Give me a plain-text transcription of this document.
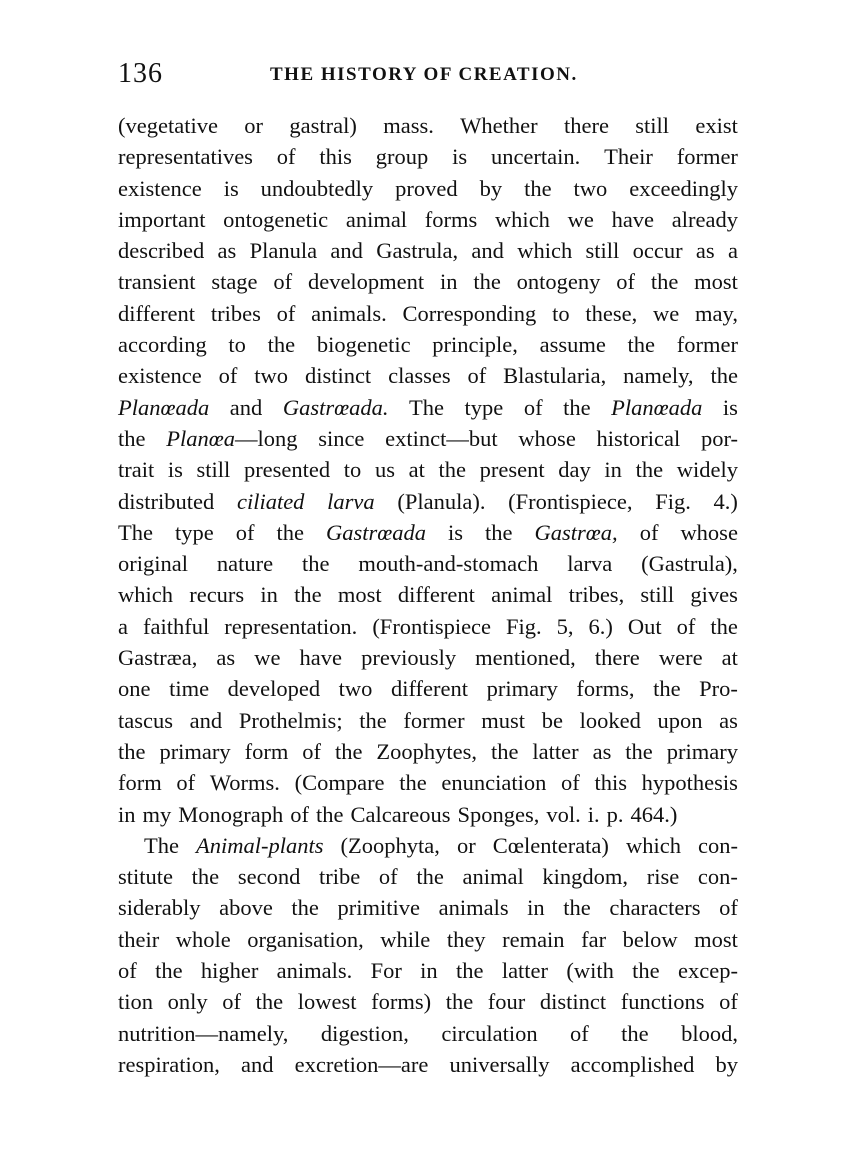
136	THE HISTORY OF CREATION.
(vegetative or gastral) mass. Whether there still exist
representatives of this group is uncertain. Their former
existence is undoubtedly proved by the two exceedingly
important ontogenetic animal forms which we have already
described as Planula and Gastrula, and which still occur as a
transient stage of development in the ontogeny of the most
different tribes of animals. Corresponding to these, we may,
according to the biogenetic principle, assume the former
existence of two distinct classes of Blastularia, namely, the
Planœada and Gastrœada. The type of the Planœada is
the Planœa—long since extinct—but whose historical por-
trait is still presented to us at the present day in the widely
distributed ciliated larva (Planula). (Frontispiece, Fig. 4.)
The type of the Gastrœada is the Gastrœa, of whose
original nature the mouth-and-stomach larva (Gastrula),
which recurs in the most different animal tribes, still gives
a faithful representation. (Frontispiece Fig. 5, 6.) Out of the
Gastræa, as we have previously mentioned, there were at
one time developed two different primary forms, the Pro-
tascus and Prothelmis; the former must be looked upon as
the primary form of the Zoophytes, the latter as the primary
form of Worms. (Compare the enunciation of this hypothesis
in my Monograph of the Calcareous Sponges, vol. i. p. 464.)
The Animal-plants (Zoophyta, or Cœlenterata) which con-
stitute the second tribe of the animal kingdom, rise con-
siderably above the primitive animals in the characters of
their whole organisation, while they remain far below most
of the higher animals. For in the latter (with the excep-
tion only of the lowest forms) the four distinct functions of
nutrition—namely, digestion, circulation of the blood,
respiration, and excretion—are universally accomplished by
